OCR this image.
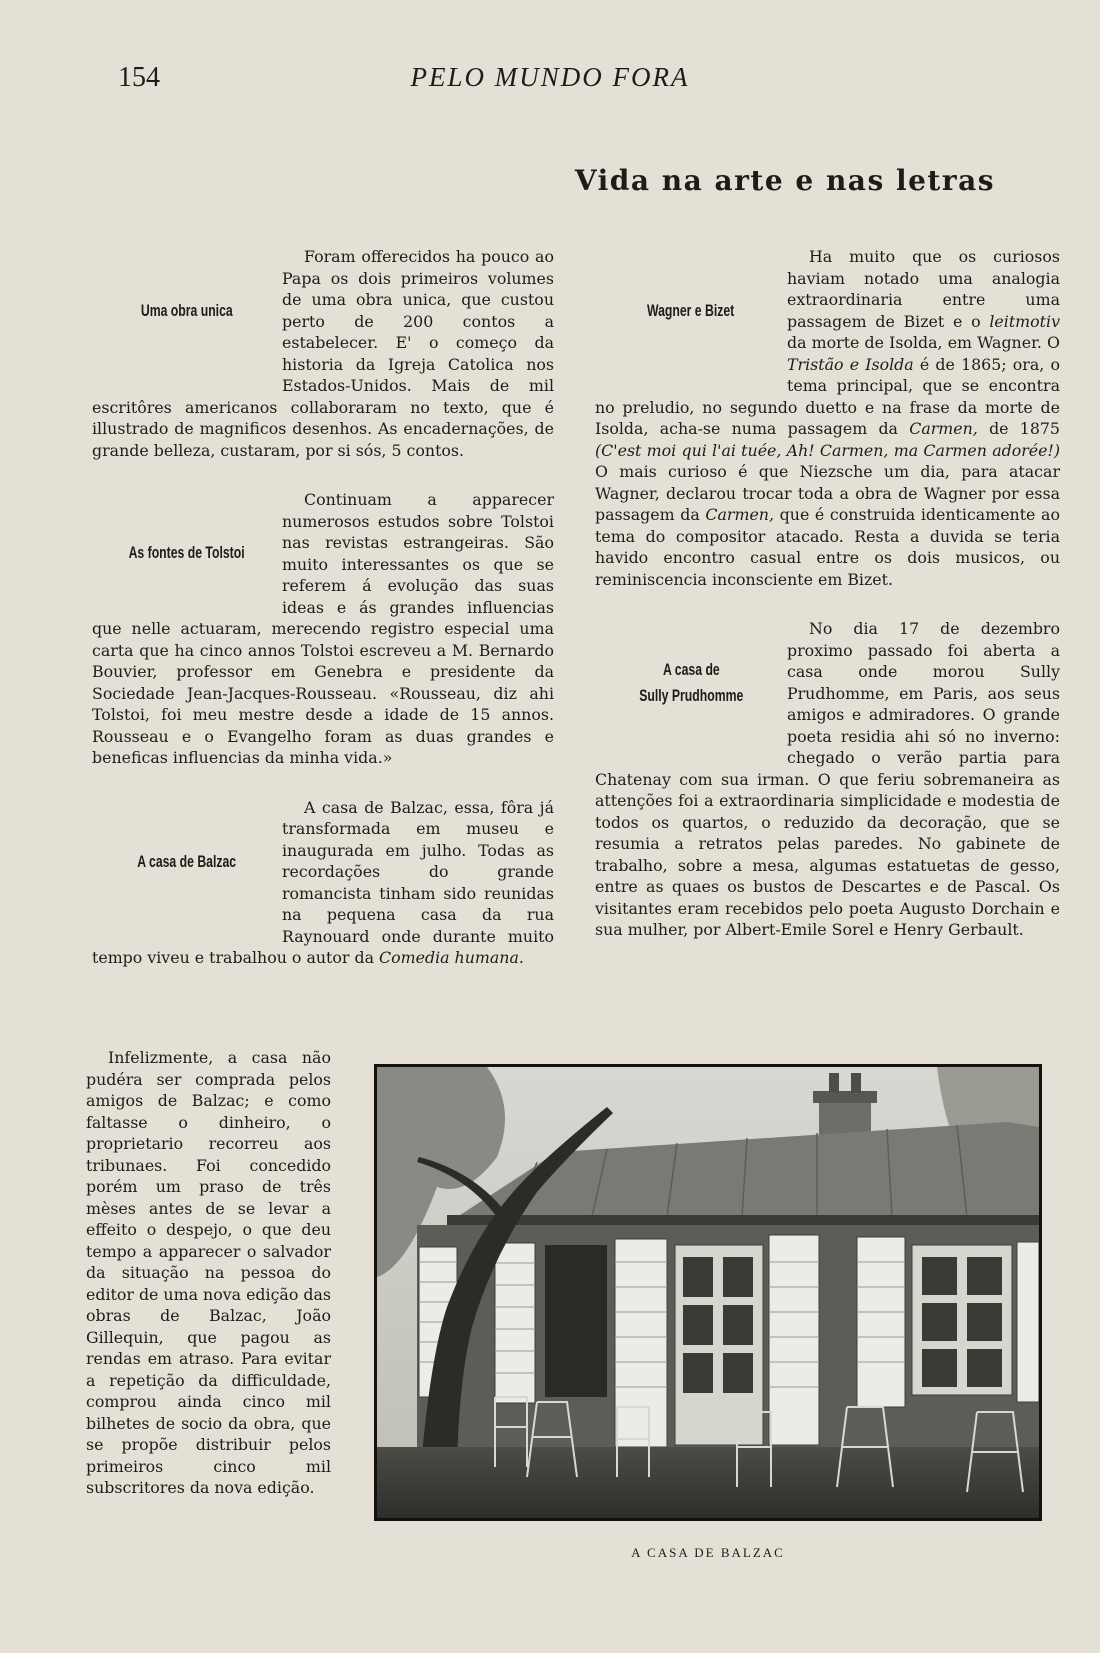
154	PELO MUNDO FORA
Vida na arte e nas letras
Uma obra unica

Foram offerecidos ha pouco ao Papa os dois primeiros volumes de uma obra unica, que custou perto de 200 contos a estabelecer. E' o começo da historia da Igreja Catolica nos Estados-Unidos. Mais de mil escritôres americanos collaboraram no texto, que é illustrado de magnificos desenhos. As encadernações, de grande belleza, custaram, por si sós, 5 contos.

As fontes de Tolstoi

Continuam a apparecer numerosos estudos sobre Tolstoi nas revistas estrangeiras. São muito interessantes os que se referem á evolução das suas ideas e ás grandes influencias que nelle actuaram, merecendo registro especial uma carta que ha cinco annos Tolstoi escreveu a M. Bernardo Bouvier, professor em Genebra e presidente da Sociedade Jean-Jacques-Rousseau. «Rousseau, diz ahi Tolstoi, foi meu mestre desde a idade de 15 annos. Rousseau e o Evangelho foram as duas grandes e beneficas influencias da minha vida.»

A casa de Balzac

A casa de Balzac, essa, fôra já transformada em museu e inaugurada em julho. Todas as recordações do grande romancista tinham sido reunidas na pequena casa da rua Raynouard onde durante muito tempo viveu e trabalhou o autor da Comedia humana.

Infelizmente, a casa não pudéra ser comprada pelos amigos de Balzac; e como faltasse o dinheiro, o proprietario recorreu aos tribunaes. Foi concedido porém um praso de três mèses antes de se levar a effeito o despejo, o que deu tempo a apparecer o salvador da situação na pessoa do editor de uma nova edição das obras de Balzac, João Gillequin, que pagou as rendas em atraso. Para evitar a repetição da difficuldade, comprou ainda cinco mil bilhetes de socio da obra, que se propõe distribuir pelos primeiros cinco mil subscritores da nova edição.

Wagner e Bizet

Ha muito que os curiosos haviam notado uma analogia extraordinaria entre uma passagem de Bizet e o leitmotiv da morte de Isolda, em Wagner. O Tristão e Isolda é de 1865; ora, o tema principal, que se encontra no preludio, no segundo duetto e na frase da morte de Isolda, acha-se numa passagem da Carmen, de 1875 (C'est moi qui l'ai tuée, Ah! Carmen, ma Carmen adorée!) O mais curioso é que Niezsche um dia, para atacar Wagner, declarou trocar toda a obra de Wagner por essa passagem da Carmen, que é construida identicamente ao tema do compositor atacado. Resta a duvida se teria havido encontro casual entre os dois musicos, ou reminiscencia inconsciente em Bizet.

A casa de
Sully Prudhomme

No dia 17 de dezembro proximo passado foi aberta a casa onde morou Sully Prudhomme, em Paris, aos seus amigos e admiradores. O grande poeta residia ahi só no inverno: chegado o verão partia para Chatenay com sua irman. O que feriu sobremaneira as attenções foi a extraordinaria simplicidade e modestia de todos os quartos, o reduzido da decoração, que se resumia a retratos pelas paredes. No gabinete de trabalho, sobre a mesa, algumas estatuetas de gesso, entre as quaes os bustos de Descartes e de Pascal. Os visitantes eram recebidos pelo poeta Augusto Dorchain e sua mulher, por Albert-Emile Sorel e Henry Gerbault.

A CASA DE BALZAC
